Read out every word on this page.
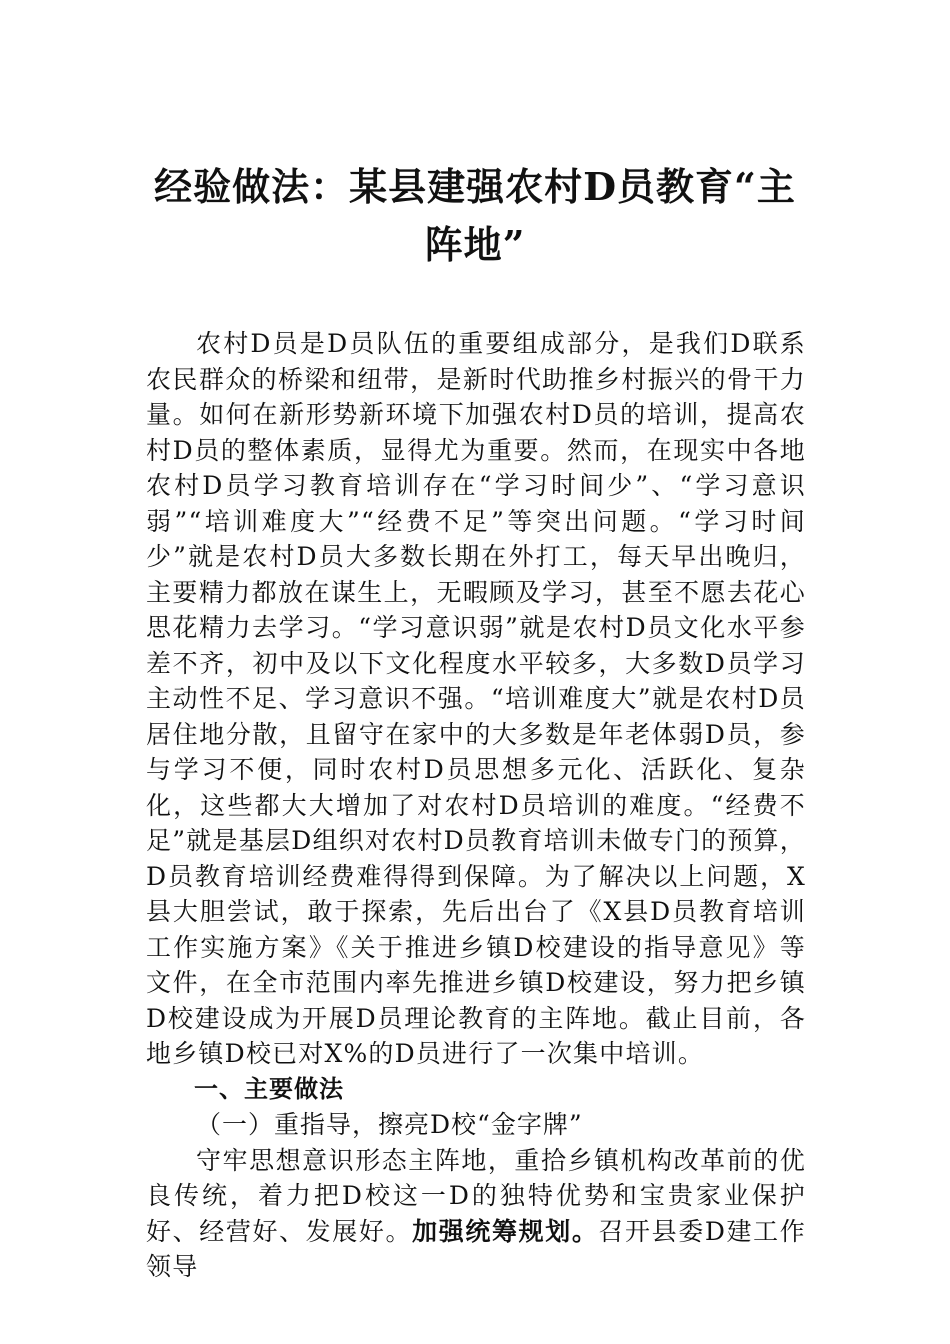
经验做法：某县建强农村D员教育“主阵地”

农村D员是D员队伍的重要组成部分，是我们D联系农民群众的桥梁和纽带，是新时代助推乡村振兴的骨干力量。如何在新形势新环境下加强农村D员的培训，提高农村D员的整体素质，显得尤为重要。然而，在现实中各地农村D员学习教育培训存在“学习时间少”、“学习意识弱”“培训难度大”“经费不足”等突出问题。“学习时间少”就是农村D员大多数长期在外打工，每天早出晚归，主要精力都放在谋生上，无暇顾及学习，甚至不愿去花心思花精力去学习。“学习意识弱”就是农村D员文化水平参差不齐，初中及以下文化程度水平较多，大多数D员学习主动性不足、学习意识不强。“培训难度大”就是农村D员居住地分散，且留守在家中的大多数是年老体弱D员，参与学习不便，同时农村D员思想多元化、活跃化、复杂化，这些都大大增加了对农村D员培训的难度。“经费不足”就是基层D组织对农村D员教育培训未做专门的预算，D员教育培训经费难得得到保障。为了解决以上问题，X县大胆尝试，敢于探索，先后出台了《X县D员教育培训工作实施方案》《关于推进乡镇D校建设的指导意见》等文件，在全市范围内率先推进乡镇D校建设，努力把乡镇D校建设成为开展D员理论教育的主阵地。截止目前，各地乡镇D校已对X%的D员进行了一次集中培训。

一、主要做法

（一）重指导，擦亮D校“金字牌”

守牢思想意识形态主阵地，重拾乡镇机构改革前的优良传统，着力把D校这一D的独特优势和宝贵家业保护好、经营好、发展好。加强统筹规划。召开县委D建工作领导
